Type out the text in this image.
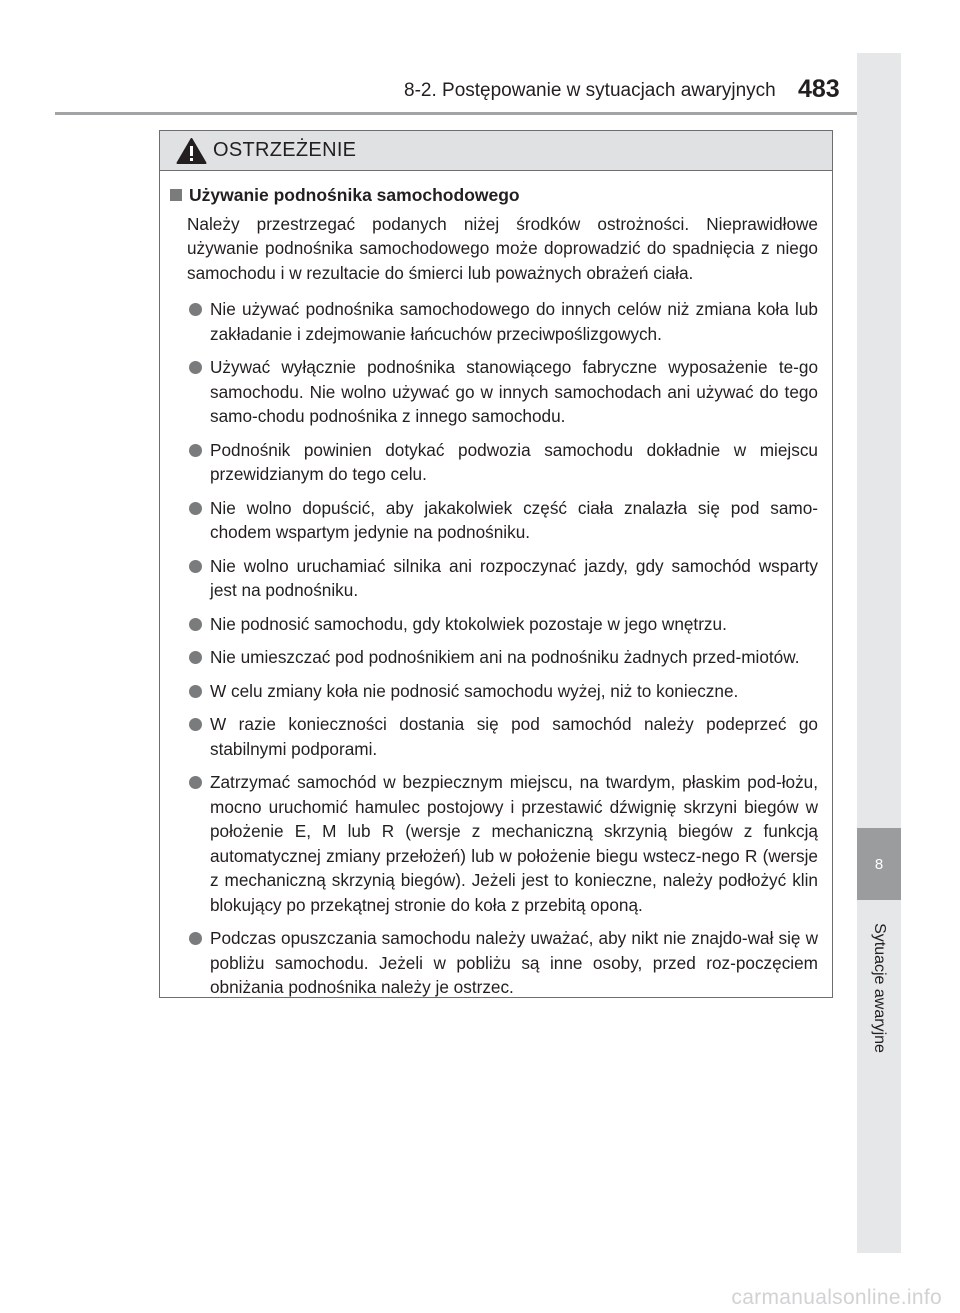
8-2. Postępowanie w sytuacjach awaryjnych 483
8
Sytuacje awaryjne
OSTRZEŻENIE
Używanie podnośnika samochodowego
Należy przestrzegać podanych niżej środków ostrożności. Nieprawidłowe używanie podnośnika samochodowego może doprowadzić do spadnięcia z niego samochodu i w rezultacie do śmierci lub poważnych obrażeń ciała.
Nie używać podnośnika samochodowego do innych celów niż zmiana koła lub zakładanie i zdejmowanie łańcuchów przeciwpoślizgowych.
Używać wyłącznie podnośnika stanowiącego fabryczne wyposażenie te-go samochodu. Nie wolno używać go w innych samochodach ani używać do tego samo-chodu podnośnika z innego samochodu.
Podnośnik powinien dotykać podwozia samochodu dokładnie w miejscu przewidzianym do tego celu.
Nie wolno dopuścić, aby jakakolwiek część ciała znalazła się pod samo-chodem wspartym jedynie na podnośniku.
Nie wolno uruchamiać silnika ani rozpoczynać jazdy, gdy samochód wsparty jest na podnośniku.
Nie podnosić samochodu, gdy ktokolwiek pozostaje w jego wnętrzu.
Nie umieszczać pod podnośnikiem ani na podnośniku żadnych przed-miotów.
W celu zmiany koła nie podnosić samochodu wyżej, niż to konieczne.
W razie konieczności dostania się pod samochód należy podeprzeć go stabilnymi podporami.
Zatrzymać samochód w bezpiecznym miejscu, na twardym, płaskim pod-łożu, mocno uruchomić hamulec postojowy i przestawić dźwignię skrzyni biegów w położenie E, M lub R (wersje z mechaniczną skrzynią biegów z funkcją automatycznej zmiany przełożeń) lub w położenie biegu wstecz-nego R (wersje z mechaniczną skrzynią biegów). Jeżeli jest to konieczne, należy podłożyć klin blokujący po przekątnej stronie do koła z przebitą oponą.
Podczas opuszczania samochodu należy uważać, aby nikt nie znajdo-wał się w pobliżu samochodu. Jeżeli w pobliżu są inne osoby, przed roz-poczęciem obniżania podnośnika należy je ostrzec.
carmanualsonline.info
